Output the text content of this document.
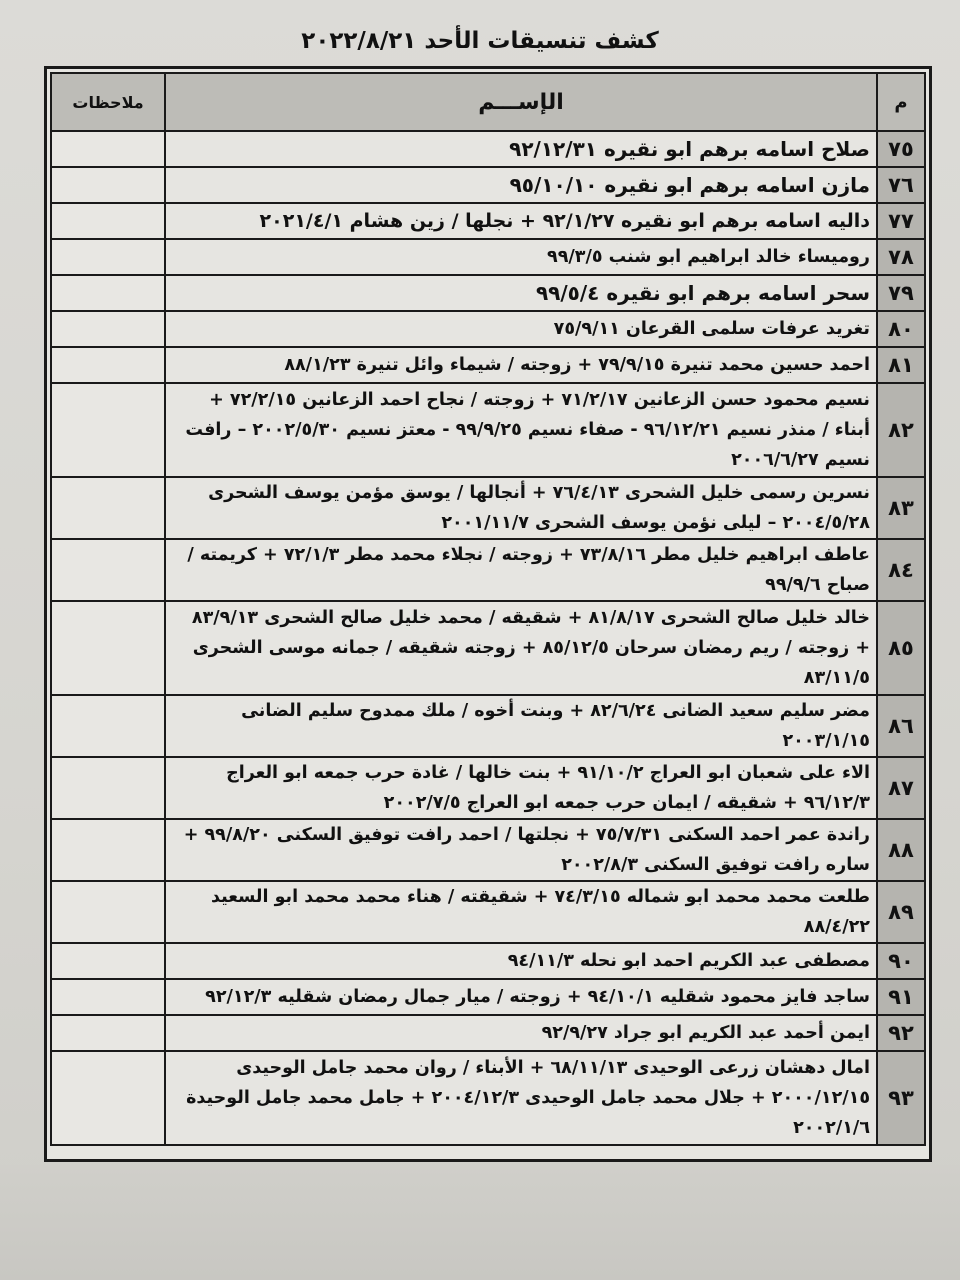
كشف تنسيقات الأحد ٢٠٢٢/٨/٢١
م	الإســـم	ملاحظات
٧٥	صلاح اسامه برهم ابو نقيره ٩٢/١٢/٣١	
٧٦	مازن اسامه برهم ابو نقيره ٩٥/١٠/١٠	
٧٧	داليه اسامه برهم ابو نقيره ٩٢/١/٢٧ + نجلها / زين هشام ٢٠٢١/٤/١	
٧٨	روميساء خالد ابراهيم ابو شنب ٩٩/٣/٥	
٧٩	سحر اسامه برهم ابو نقيره ٩٩/٥/٤	
٨٠	تغريد عرفات سلمى القرعان ٧٥/٩/١١	
٨١	احمد حسين محمد تنيرة ٧٩/٩/١٥ + زوجته / شيماء وائل تنيرة ٨٨/١/٢٣	
٨٢	نسيم محمود حسن الزعانين ٧١/٢/١٧ + زوجته / نجاح احمد الزعانين ٧٢/٢/١٥ + أبناء / منذر نسيم ٩٦/١٢/٢١ - صفاء نسيم ٩٩/٩/٢٥ - معتز نسيم ٢٠٠٢/٥/٣٠ – رافت نسيم ٢٠٠٦/٦/٢٧	
٨٣	نسرين رسمى خليل الشحرى ٧٦/٤/١٣ + أنجالها / يوسق مؤمن يوسف الشحرى ٢٠٠٤/٥/٢٨ – ليلى نؤمن يوسف الشحرى ٢٠٠١/١١/٧	
٨٤	عاطف ابراهيم خليل مطر ٧٣/٨/١٦ + زوجته / نجلاء محمد مطر ٧٢/١/٣ + كريمته / صباح ٩٩/٩/٦	
٨٥	خالد خليل صالح الشحرى ٨١/٨/١٧ + شقيقه / محمد خليل صالح الشحرى ٨٣/٩/١٣ + زوجته / ريم رمضان سرحان ٨٥/١٢/٥ + زوجته شقيقه / جمانه موسى الشحرى ٨٣/١١/٥	
٨٦	مضر سليم سعيد الضانى ٨٢/٦/٢٤ + وبنت أخوه / ملك ممدوح سليم الضانى ٢٠٠٣/١/١٥	
٨٧	الاء على شعبان ابو العراج ٩١/١٠/٢ + بنت خالها / غادة حرب جمعه ابو العراج ٩٦/١٢/٣ + شقيقه / ايمان حرب جمعه ابو العراج ٢٠٠٢/٧/٥	
٨٨	راندة عمر احمد السكنى ٧٥/٧/٣١ + نجلتها / احمد رافت توفيق السكنى ٩٩/٨/٢٠ + ساره رافت توفيق السكنى ٢٠٠٢/٨/٣	
٨٩	طلعت محمد محمد ابو شماله ٧٤/٣/١٥ + شقيقته / هناء محمد محمد ابو السعيد ٨٨/٤/٢٢	
٩٠	مصطفى عبد الكريم احمد ابو نحله ٩٤/١١/٣	
٩١	ساجد فايز محمود شقليه ٩٤/١٠/١ + زوجته / ميار جمال رمضان شقليه ٩٢/١٢/٣	
٩٢	ايمن أحمد عبد الكريم ابو جراد ٩٢/٩/٢٧	
٩٣	امال دهشان زرعى الوحيدى ٦٨/١١/١٣ + الأبناء / روان محمد جامل الوحيدى ٢٠٠٠/١٢/١٥ + جلال محمد جامل الوحيدى ٢٠٠٤/١٢/٣ + جامل محمد جامل الوحيدة ٢٠٠٢/١/٦	
